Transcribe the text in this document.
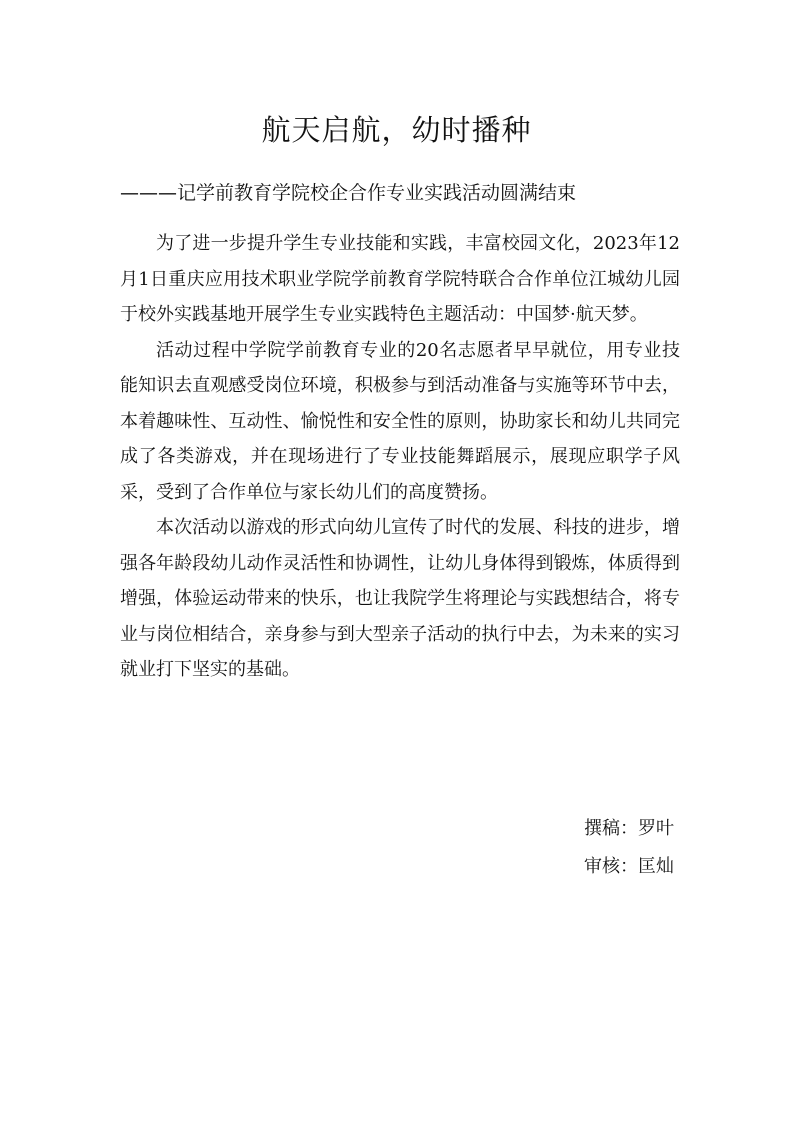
航天启航，幼时播种
———记学前教育学院校企合作专业实践活动圆满结束

为了进一步提升学生专业技能和实践，丰富校园文化，2023年12月1日重庆应用技术职业学院学前教育学院特联合合作单位江城幼儿园于校外实践基地开展学生专业实践特色主题活动：中国梦·航天梦。

活动过程中学院学前教育专业的20名志愿者早早就位，用专业技能知识去直观感受岗位环境，积极参与到活动准备与实施等环节中去，本着趣味性、互动性、愉悦性和安全性的原则，协助家长和幼儿共同完成了各类游戏，并在现场进行了专业技能舞蹈展示，展现应职学子风采，受到了合作单位与家长幼儿们的高度赞扬。

本次活动以游戏的形式向幼儿宣传了时代的发展、科技的进步，增强各年龄段幼儿动作灵活性和协调性，让幼儿身体得到锻炼，体质得到增强，体验运动带来的快乐，也让我院学生将理论与实践想结合，将专业与岗位相结合，亲身参与到大型亲子活动的执行中去，为未来的实习就业打下坚实的基础。

撰稿：罗叶
审核：匡灿
